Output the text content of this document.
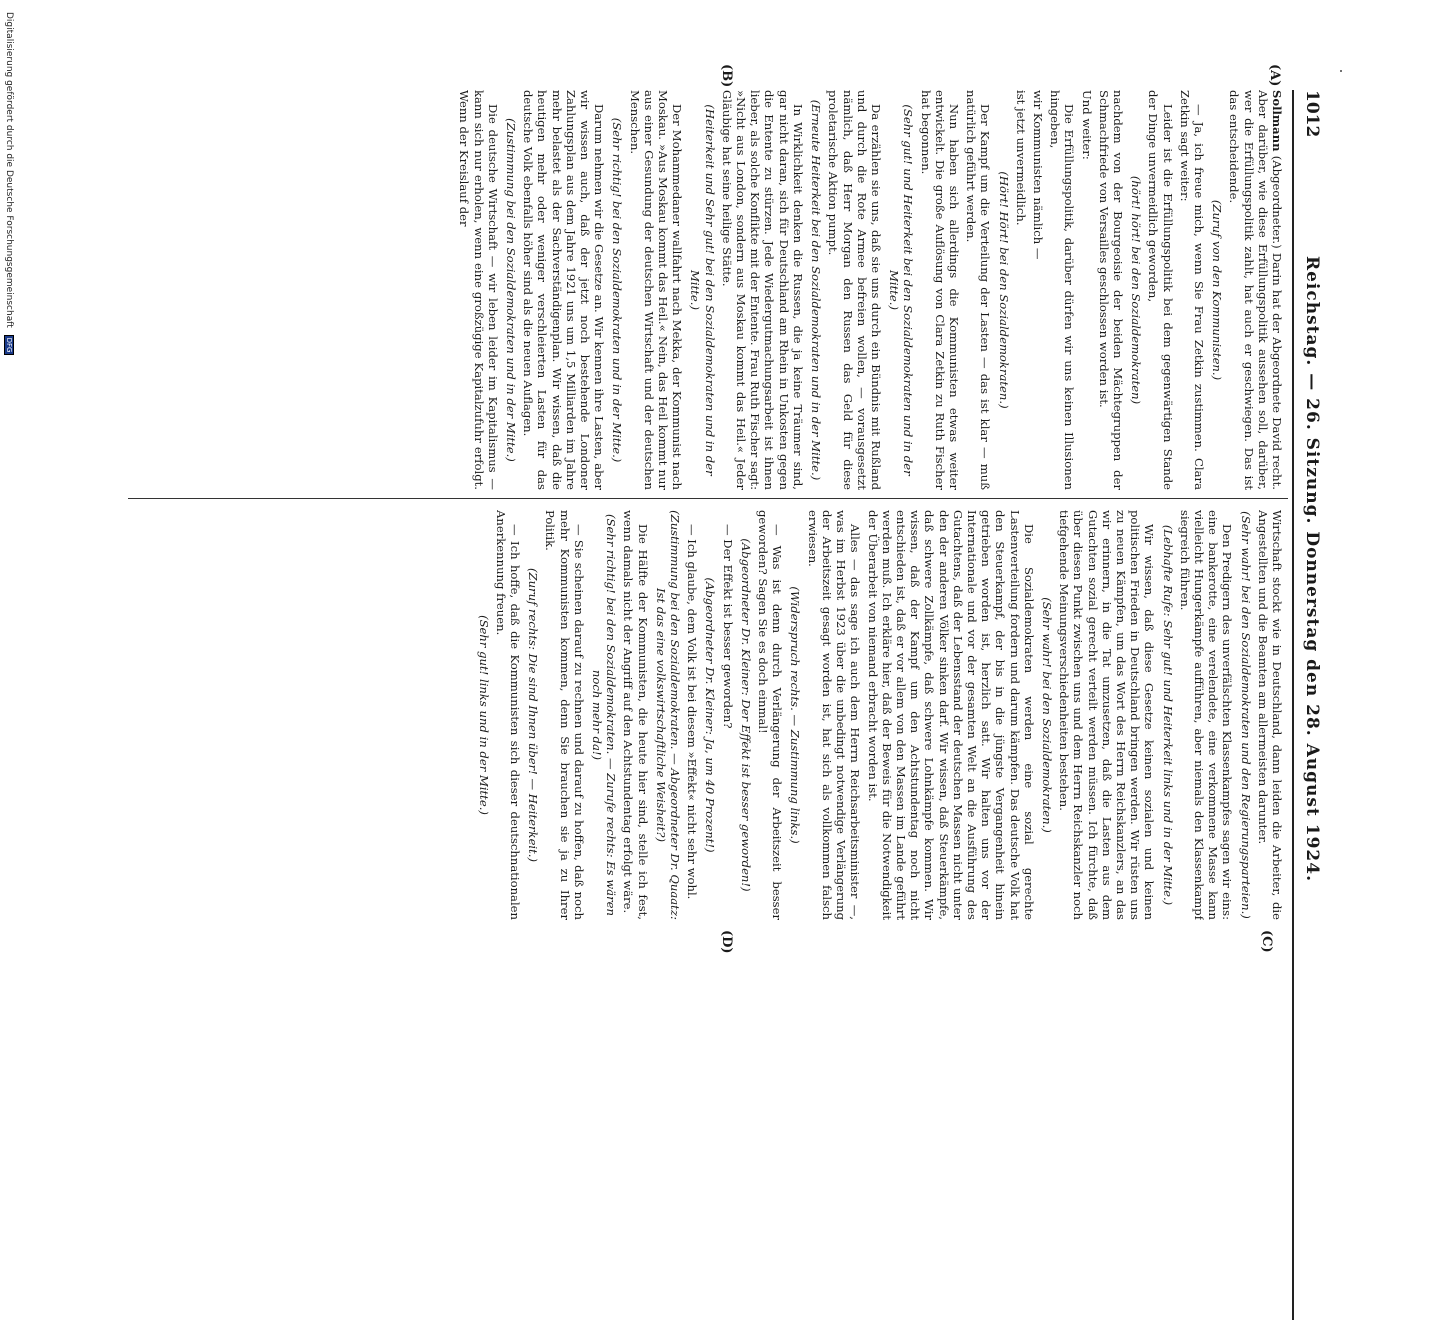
1012
Reichstag. — 26. Sitzung. Donnerstag den 28. August 1924.
(A)
(B)
(C)
(D)

Sollmann (Abgeordneter.) Darin hat der Abgeordnete David recht. Aber darüber, wie diese Erfüllungspolitik aussehen soll, darüber, wer die Erfüllungspolitik zahlt, hat auch er geschwiegen. Das ist das entscheidende.

(Zuruf von den Kommunisten.)

— Ja, ich freue mich, wenn Sie Frau Zetkin zustimmen. Clara Zetkin sagt weiter:

Leider ist die Erfüllungspolitik bei dem gegenwärtigen Stande der Dinge unvermeidlich geworden,

(hört! hört! bei den Sozialdemokraten)

nachdem von der Bourgeoisie der beiden Mächtegruppen der Schmachfriede von Versailles geschlossen worden ist.

Und weiter:

Die Erfüllungspolitik, darüber dürfen wir uns keinen Illusionen hingeben,

wir Kommunisten nämlich —

ist jetzt unvermeidlich.

(Hört! Hört! bei den Sozialdemokraten.)

Der Kampf um die Verteilung der Lasten — das ist klar — muß natürlich geführt werden.

Nun haben sich allerdings die Kommunisten etwas weiter entwickelt. Die große Auflösung von Clara Zetkin zu Ruth Fischer hat begonnen.

(Sehr gut! und Heiterkeit bei den Sozialdemokraten und in der Mitte.)

Da erzählen sie uns, daß sie uns durch ein Bündnis mit Rußland und durch die Rote Armee befreien wollen, — vorausgesetzt nämlich, daß Herr Morgan den Russen das Geld für diese proletarische Aktion pumpt.

(Erneute Heiterkeit bei den Sozialdemokraten und in der Mitte.)

In Wirklichkeit denken die Russen, die ja keine Träumer sind, gar nicht daran, sich für Deutschland am Rhein in Unkosten gegen die Entente zu stürzen. Jede Wiedergutmachungsarbeit ist ihnen lieber, als solche Konflikte mit der Entente. Frau Ruth Fischer sagt: »Nicht aus London, sondern aus Moskau kommt das Heil.« Jeder Gläubige hat seine heilige Stätte.

(Heiterkeit und Sehr gut! bei den Sozialdemokraten und in der Mitte.)

Der Mohammedaner wallfahrt nach Mekka, der Kommunist nach Moskau. »Aus Moskau kommt das Heil.« Nein, das Heil kommt nur aus einer Gesundung der deutschen Wirtschaft und der deutschen Menschen.

(Sehr richtig! bei den Sozialdemokraten und in der Mitte.)

Darum nehmen wir die Gesetze an. Wir kennen ihre Lasten, aber wir wissen auch, daß der jetzt noch bestehende Londoner Zahlungsplan aus dem Jahre 1921 uns um 1,5 Milliarden im Jahre mehr belastet als der Sachverständigenplan. Wir wissen, daß die heutigen mehr oder weniger verschleierten Lasten für das deutsche Volk ebenfalls höher sind als die neuen Auflagen.

(Zustimmung bei den Sozialdemokraten und in der Mitte.)

Die deutsche Wirtschaft — wir leben leider im Kapitalismus — kann sich nur erholen, wenn eine großzügige Kapitalzufuhr erfolgt. Wenn der Kreislauf der

Wirtschaft stockt wie in Deutschland, dann leiden die Arbeiter, die Angestellten und die Beamten am allermeisten darunter.

(Sehr wahr! bei den Sozialdemokraten und den Regierungsparteien.)

Den Predigern des unverfälschten Klassenkampfes sagen wir eins: eine bankerotte, eine verelendete, eine verkommene Masse kann vielleicht Hungerkämpfe aufführen, aber niemals den Klassenkampf siegreich führen.

(Lebhafte Rufe: Sehr gut! und Heiterkeit links und in der Mitte.)

Wir wissen, daß diese Gesetze keinen sozialen und keinen politischen Frieden in Deutschland bringen werden. Wir rüsten uns zu neuen Kämpfen, um das Wort des Herrn Reichskanzlers, an das wir erinnern, in die Tat umzusetzen, daß die Lasten aus dem Gutachten sozial gerecht verteilt werden müssen. Ich fürchte, daß über diesen Punkt zwischen uns und dem Herrn Reichskanzler noch tiefgehende Meinungsverschiedenheiten bestehen.

(Sehr wahr! bei den Sozialdemokraten.)

Die Sozialdemokraten werden eine sozial gerechte Lastenverteilung fordern und darum kämpfen. Das deutsche Volk hat den Steuerkampf, der bis in die jüngste Vergangenheit hinein getrieben worden ist, herzlich satt. Wir halten uns vor der Internationale und vor der gesamten Welt an die Ausführung des Gutachtens, daß der Lebensstand der deutschen Massen nicht unter den der anderen Völker sinken darf. Wir wissen, daß Steuerkämpfe, daß schwere Zollkämpfe, daß schwere Lohnkämpfe kommen. Wir wissen, daß der Kampf um den Achtstundentag noch nicht entschieden ist, daß er vor allem von den Massen im Lande geführt werden muß. Ich erkläre hier, daß der Beweis für die Notwendigkeit der Überarbeit von niemand erbracht worden ist.

Alles — das sage ich auch dem Herrn Reichsarbeitsminister —, was im Herbst 1923 über die unbedingt notwendige Verlängerung der Arbeitszeit gesagt worden ist, hat sich als vollkommen falsch erwiesen.

(Widerspruch rechts. — Zustimmung links.)

— Was ist denn durch Verlängerung der Arbeitszeit besser geworden? Sagen Sie es doch einmal!

(Abgeordneter Dr. Kleiner: Der Effekt ist besser geworden!)

— Der Effekt ist besser geworden?

(Abgeordneter Dr. Kleiner: Ja, um 40 Prozent!)

— Ich glaube, dem Volk ist bei diesem »Effekt« nicht sehr wohl.

(Zustimmung bei den Sozialdemokraten. — Abgeordneter Dr. Quaatz: Ist das eine volkswirtschaftliche Weisheit?)

Die Hälfte der Kommunisten, die heute hier sind, stelle ich fest, wenn damals nicht der Angriff auf den Achtstundentag erfolgt wäre.

(Sehr richtig! bei den Sozialdemokraten. — Zurufe rechts: Es wären noch mehr da!)

— Sie scheinen darauf zu rechnen und darauf zu hoffen, daß noch mehr Kommunisten kommen, denn Sie brauchen sie ja zu Ihrer Politik.

(Zuruf rechts: Die sind Ihnen über! — Heiterkeit.)

— Ich hoffe, daß die Kommunisten sich dieser deutschnationalen Anerkennung freuen.

(Sehr gut! links und in der Mitte.)
Digitalisierung gefördert durch die Deutsche Forschungsgemeinschaft DFG
